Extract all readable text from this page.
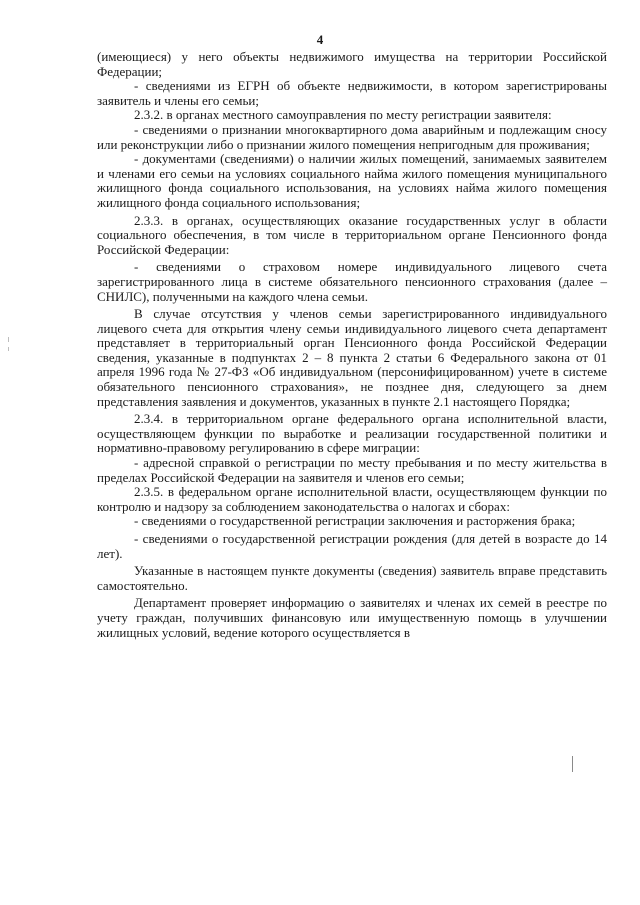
4

(имеющиеся) у него объекты недвижимого имущества на территории Российской Федерации;

- сведениями из ЕГРН об объекте недвижимости, в котором зарегистрированы заявитель и члены его семьи;

2.3.2. в органах местного самоуправления по месту регистрации заявителя:

- сведениями о признании многоквартирного дома аварийным и подлежащим сносу или реконструкции либо о признании жилого помещения непригодным для проживания;

- документами (сведениями) о наличии жилых помещений, занимаемых заявителем и членами его семьи на условиях социального найма жилого помещения муниципального жилищного фонда социального использования, на условиях найма жилого помещения жилищного фонда социального использования;

2.3.3. в органах, осуществляющих оказание государственных услуг в области социального обеспечения, в том числе в территориальном органе Пенсионного фонда Российской Федерации:

- сведениями о страховом номере индивидуального лицевого счета зарегистрированного лица в системе обязательного пенсионного страхования (далее – СНИЛС), полученными на каждого члена семьи.

В случае отсутствия у членов семьи зарегистрированного индивидуального лицевого счета для открытия члену семьи индивидуального лицевого счета департамент представляет в территориальный орган Пенсионного фонда Российской Федерации сведения, указанные в подпунктах 2 – 8 пункта 2 статьи 6 Федерального закона от 01 апреля 1996 года № 27-ФЗ «Об индивидуальном (персонифицированном) учете в системе обязательного пенсионного страхования», не позднее дня, следующего за днем представления заявления и документов, указанных в пункте 2.1 настоящего Порядка;

2.3.4. в территориальном органе федерального органа исполнительной власти, осуществляющем функции по выработке и реализации государственной политики и нормативно-правовому регулированию в сфере миграции:

- адресной справкой о регистрации по месту пребывания и по месту жительства в пределах Российской Федерации на заявителя и членов его семьи;

2.3.5. в федеральном органе исполнительной власти, осуществляющем функции по контролю и надзору за соблюдением законодательства о налогах и сборах:

- сведениями о государственной регистрации заключения и расторжения брака;

- сведениями о государственной регистрации рождения (для детей в возрасте до 14 лет).

Указанные в настоящем пункте документы (сведения) заявитель вправе представить самостоятельно.

Департамент проверяет информацию о заявителях и членах их семей в реестре по учету граждан, получивших финансовую или имущественную помощь в улучшении жилищных условий, ведение которого осуществляется в
